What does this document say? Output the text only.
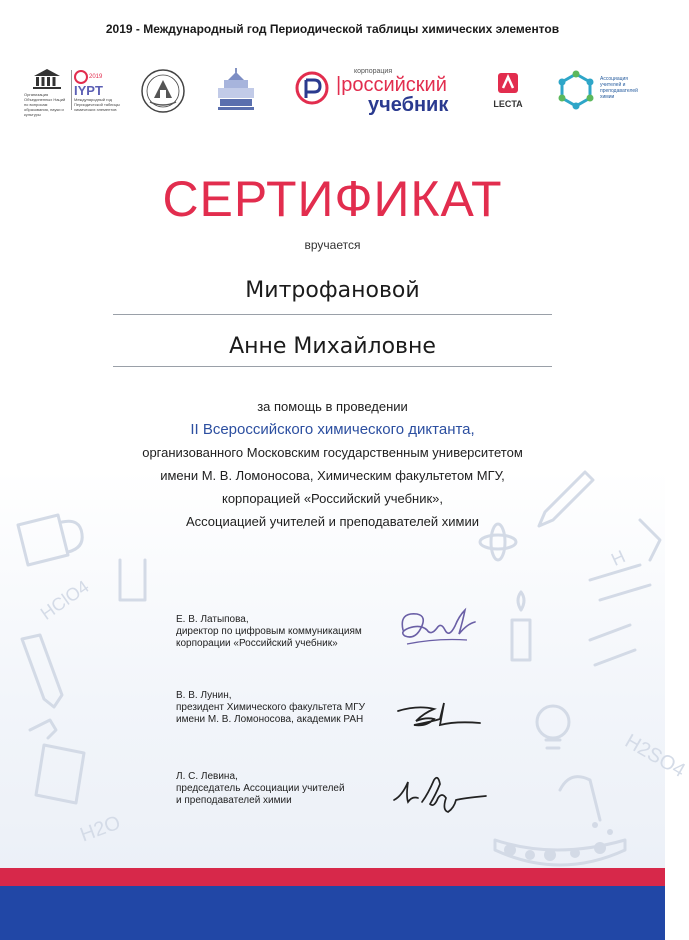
HClO4
H2O
H2SO4
H
2019 - Международный год Периодической таблицы химических элементов
Организация Объединенных Наций по вопросам образования, науки и культуры
2019
IYPT
Международный год Периодической таблицы химических элементов
корпорация
|российский
учебник	LECTA
Ассоциация учителей и преподавателей химии
СЕРТИФИКАТ
вручается
Митрофановой
Анне Михайловне
за помощь в проведении
II Всероссийского химического диктанта,
организованного Московским государственным университетом
имени М. В. Ломоносова, Химическим факультетом МГУ,
корпорацией «Российский учебник»,
Ассоциацией учителей и преподавателей химии
Е. В. Латыпова,
директор по цифровым коммуникациям
корпорации «Российский учебник»
В. В. Лунин,
президент Химического факультета МГУ
имени М. В. Ломоносова, академик РАН
Л. С. Левина,
председатель Ассоциации учителей
и преподавателей химии
